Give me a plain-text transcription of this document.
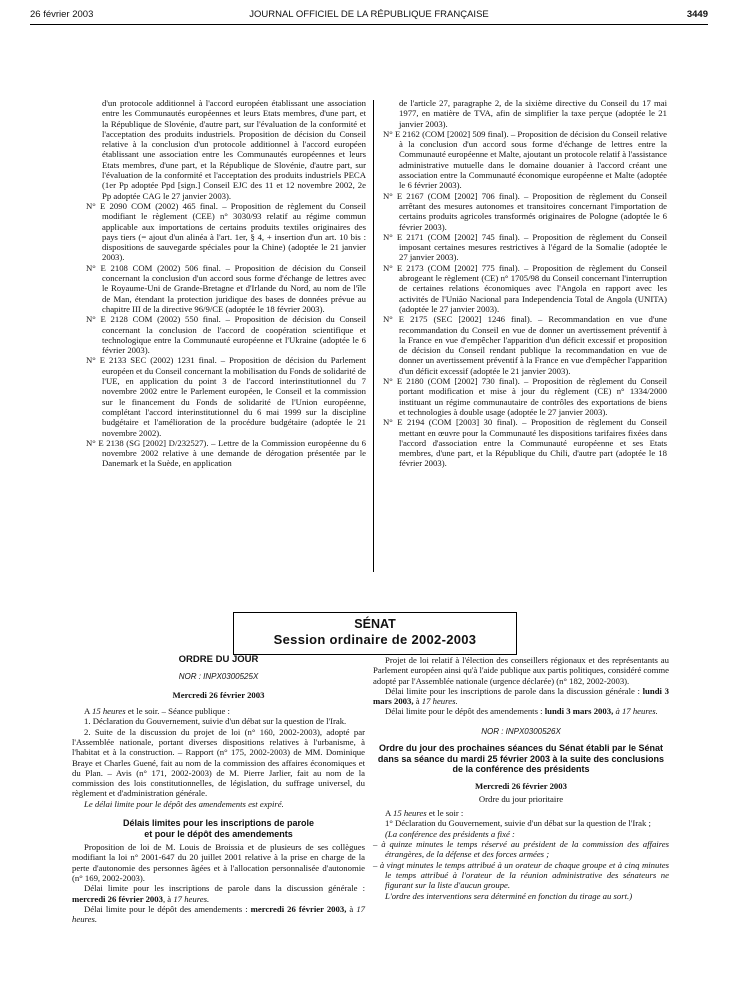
26 février 2003	JOURNAL OFFICIEL DE LA RÉPUBLIQUE FRANÇAISE	3449

d'un protocole additionnel à l'accord européen établissant une association entre les Communautés européennes et leurs Etats membres, d'une part, et la République de Slovénie, d'autre part, sur l'évaluation de la conformité et l'acceptation des produits industriels. Proposition de décision du Conseil relative à la conclusion d'un protocole additionnel à l'accord européen établissant une association entre les Communautés européennes et leurs Etats membres, d'une part, et la République de Slovénie, d'autre part, sur l'évaluation de la conformité et l'acceptation des produits industriels PECA (1er Pp adoptée Ppd [sign.] Conseil EJC des 11 et 12 novembre 2002, 2e Pp adoptée CAG le 27 janvier 2003).

N° E 2090 COM (2002) 465 final. – Proposition de règlement du Conseil modifiant le règlement (CEE) n° 3030/93 relatif au régime commun applicable aux importations de certains produits textiles originaires des pays tiers (= ajout d'un alinéa à l'art. 1er, § 4, + insertion d'un art. 10 bis : dispositions de sauvegarde spéciales pour la Chine) (adoptée le 21 janvier 2003).

N° E 2108 COM (2002) 506 final. – Proposition de décision du Conseil concernant la conclusion d'un accord sous forme d'échange de lettres avec le Royaume-Uni de Grande-Bretagne et d'Irlande du Nord, au nom de l'île de Man, étendant la protection juridique des bases de données prévue au chapitre III de la directive 96/9/CE (adoptée le 18 février 2003).

N° E 2128 COM (2002) 550 final. – Proposition de décision du Conseil concernant la conclusion de l'accord de coopération scientifique et technologique entre la Communauté européenne et l'Ukraine (adoptée le 6 février 2003).

N° E 2133 SEC (2002) 1231 final. – Proposition de décision du Parlement européen et du Conseil concernant la mobilisation du Fonds de solidarité de l'UE, en application du point 3 de l'accord interinstitutionnel du 7 novembre 2002 entre le Parlement européen, le Conseil et la commission sur le financement du Fonds de solidarité de l'Union européenne, complétant l'accord interinstitutionnel du 6 mai 1999 sur la discipline budgétaire et l'amélioration de la procédure budgétaire (adoptée le 21 novembre 2002).

N° E 2138 (SG [2002] D/232527). – Lettre de la Commission européenne du 6 novembre 2002 relative à une demande de dérogation présentée par le Danemark et la Suède, en application

de l'article 27, paragraphe 2, de la sixième directive du Conseil du 17 mai 1977, en matière de TVA, afin de simplifier la taxe perçue (adoptée le 21 janvier 2003).

N° E 2162 (COM [2002] 509 final). – Proposition de décision du Conseil relative à la conclusion d'un accord sous forme d'échange de lettres entre la Communauté européenne et Malte, ajoutant un protocole relatif à l'assistance administrative mutuelle dans le domaine douanier à l'accord créant une association entre la Communauté économique européenne et Malte (adoptée le 6 février 2003).

N° E 2167 (COM [2002] 706 final). – Proposition de règlement du Conseil arrêtant des mesures autonomes et transitoires concernant l'importation de certains produits agricoles transformés originaires de Pologne (adoptée le 6 février 2003).

N° E 2171 (COM [2002] 745 final). – Proposition de règlement du Conseil imposant certaines mesures restrictives à l'égard de la Somalie (adoptée le 27 janvier 2003).

N° E 2173 (COM [2002] 775 final). – Proposition de règlement du Conseil abrogeant le règlement (CE) n° 1705/98 du Conseil concernant l'interruption de certaines relations économiques avec l'Angola en rapport avec les activités de l'União Nacional para Independencia Total de Angola (UNITA) (adoptée le 27 janvier 2003).

N° E 2175 (SEC [2002] 1246 final). – Recommandation en vue d'une recommandation du Conseil en vue de donner un avertissement préventif à la France en vue d'empêcher l'apparition d'un déficit excessif et proposition de décision du Conseil rendant publique la recommandation en vue de donner un avertissement préventif à la France en vue d'empêcher l'apparition d'un déficit excessif (adoptée le 21 janvier 2003).

N° E 2180 (COM [2002] 730 final). – Proposition de règlement du Conseil portant modification et mise à jour du règlement (CE) n° 1334/2000 instituant un régime communautaire de contrôles des exportations de biens et technologies à double usage (adoptée le 27 janvier 2003).

N° E 2194 (COM [2003] 30 final). – Proposition de règlement du Conseil mettant en œuvre pour la Communauté les dispositions tarifaires fixées dans l'accord d'association entre la Communauté européenne et ses Etats membres, d'une part, et la République du Chili, d'autre part (adoptée le 18 février 2003).

SÉNAT
Session ordinaire de 2002-2003

ORDRE DU JOUR

NOR : INPX0300525X

Mercredi 26 février 2003

A 15 heures et le soir. – Séance publique :

1. Déclaration du Gouvernement, suivie d'un débat sur la question de l'Irak.

2. Suite de la discussion du projet de loi (n° 160, 2002-2003), adopté par l'Assemblée nationale, portant diverses dispositions relatives à l'urbanisme, à l'habitat et à la construction. – Rapport (n° 175, 2002-2003) de MM. Dominique Braye et Charles Guené, fait au nom de la commission des affaires économiques et du Plan. – Avis (n° 171, 2002-2003) de M. Pierre Jarlier, fait au nom de la commission des lois constitutionnelles, de législation, du suffrage universel, du règlement et d'administration générale.

Le délai limite pour le dépôt des amendements est expiré.

Délais limites pour les inscriptions de parole

et pour le dépôt des amendements

Proposition de loi de M. Louis de Broissia et de plusieurs de ses collègues modifiant la loi n° 2001-647 du 20 juillet 2001 relative à la prise en charge de la perte d'autonomie des personnes âgées et à l'allocation personnalisée d'autonomie (n° 169, 2002-2003).

Délai limite pour les inscriptions de parole dans la discussion générale : mercredi 26 février 2003, à 17 heures.

Délai limite pour le dépôt des amendements : mercredi 26 février 2003, à 17 heures.

Projet de loi relatif à l'élection des conseillers régionaux et des représentants au Parlement européen ainsi qu'à l'aide publique aux partis politiques, considéré comme adopté par l'Assemblée nationale (urgence déclarée) (n° 182, 2002-2003).

Délai limite pour les inscriptions de parole dans la discussion générale : lundi 3 mars 2003, à 17 heures.

Délai limite pour le dépôt des amendements : lundi 3 mars 2003, à 17 heures.

NOR : INPX0300526X

Ordre du jour des prochaines séances du Sénat établi par le Sénat dans sa séance du mardi 25 février 2003 à la suite des conclusions de la conférence des présidents

Mercredi 26 février 2003

Ordre du jour prioritaire

A 15 heures et le soir :

1° Déclaration du Gouvernement, suivie d'un débat sur la question de l'Irak ;

(La conférence des présidents a fixé :

– à quinze minutes le temps réservé au président de la commission des affaires étrangères, de la défense et des forces armées ;

– à vingt minutes le temps attribué à un orateur de chaque groupe et à cinq minutes le temps attribué à l'orateur de la réunion administrative des sénateurs ne figurant sur la liste d'aucun groupe.

L'ordre des interventions sera déterminé en fonction du tirage au sort.)
